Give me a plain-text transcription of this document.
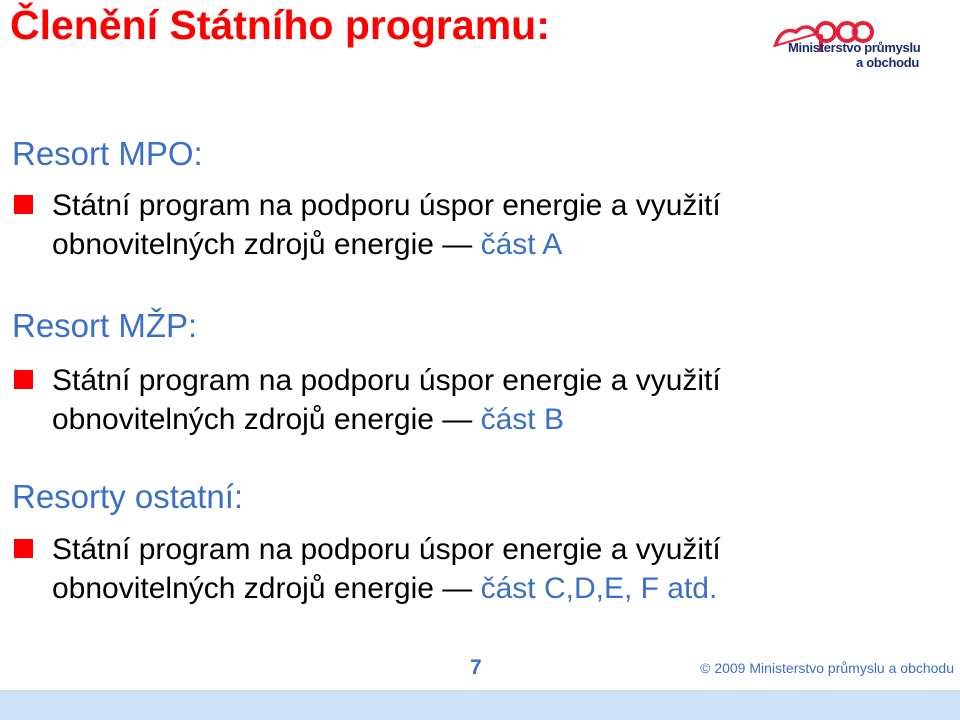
Členění Státního programu:	Ministerstvo průmyslu
a obchodu
Resort MPO:

Státní program na podporu úspor energie a využití
obnovitelných zdrojů energie — část A

Resort MŽP:

Státní program na podporu úspor energie a využití
obnovitelných zdrojů energie — část B

Resorty ostatní:

Státní program na podporu úspor energie a využití
obnovitelných zdrojů energie — část C,D,E, F atd.

7	© 2009 Ministerstvo průmyslu a obchodu
